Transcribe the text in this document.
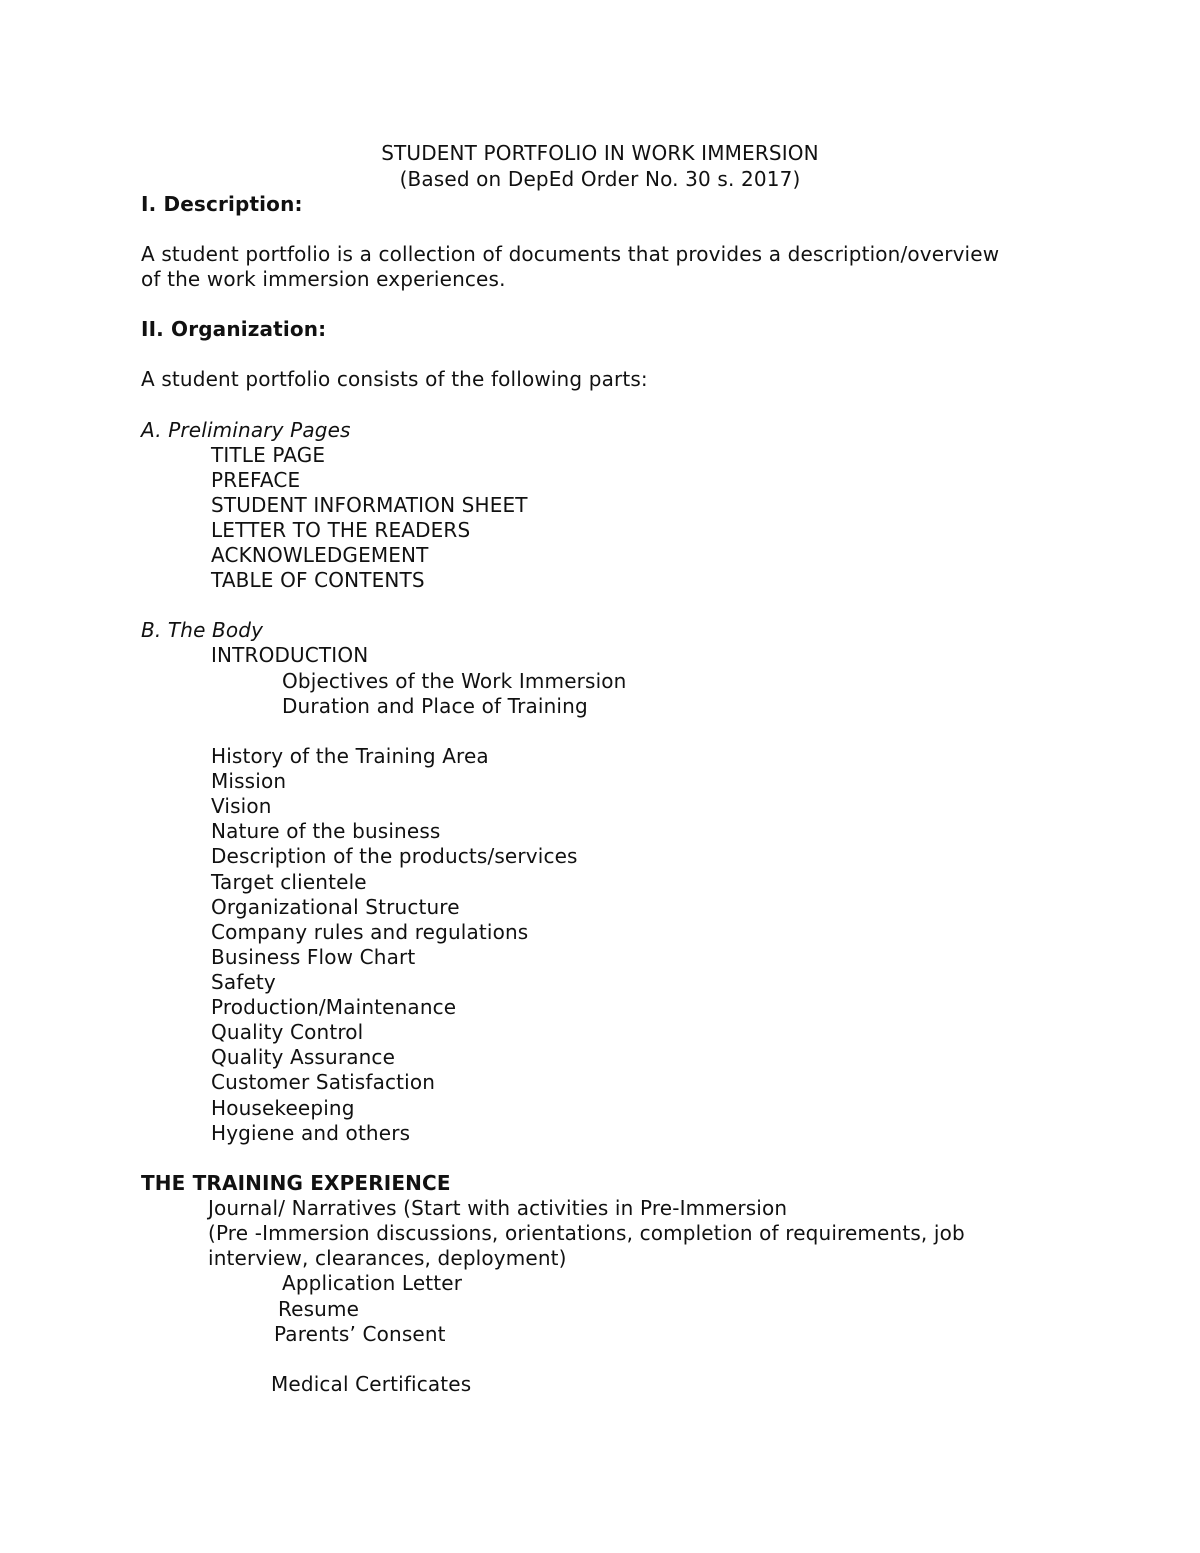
STUDENT PORTFOLIO IN WORK IMMERSION
(Based on DepEd Order No. 30 s. 2017)
I. Description:
A student portfolio is a collection of documents that provides a description/overview
of the work immersion experiences.
II. Organization:
A student portfolio consists of the following parts:
A. Preliminary Pages
TITLE PAGE
PREFACE
STUDENT INFORMATION SHEET
LETTER TO THE READERS
ACKNOWLEDGEMENT
TABLE OF CONTENTS
B. The Body
INTRODUCTION
Objectives of the Work Immersion
Duration and Place of Training
History of the Training Area
Mission
Vision
Nature of the business
Description of the products/services
Target clientele
Organizational Structure
Company rules and regulations
Business Flow Chart
Safety
Production/Maintenance
Quality Control
Quality Assurance
Customer Satisfaction
Housekeeping
Hygiene and others
THE TRAINING EXPERIENCE
Journal/ Narratives (Start with activities in Pre-Immersion
(Pre -Immersion discussions, orientations, completion of requirements, job
interview, clearances, deployment)
Application Letter
Resume
Parents’ Consent
Medical Certificates
